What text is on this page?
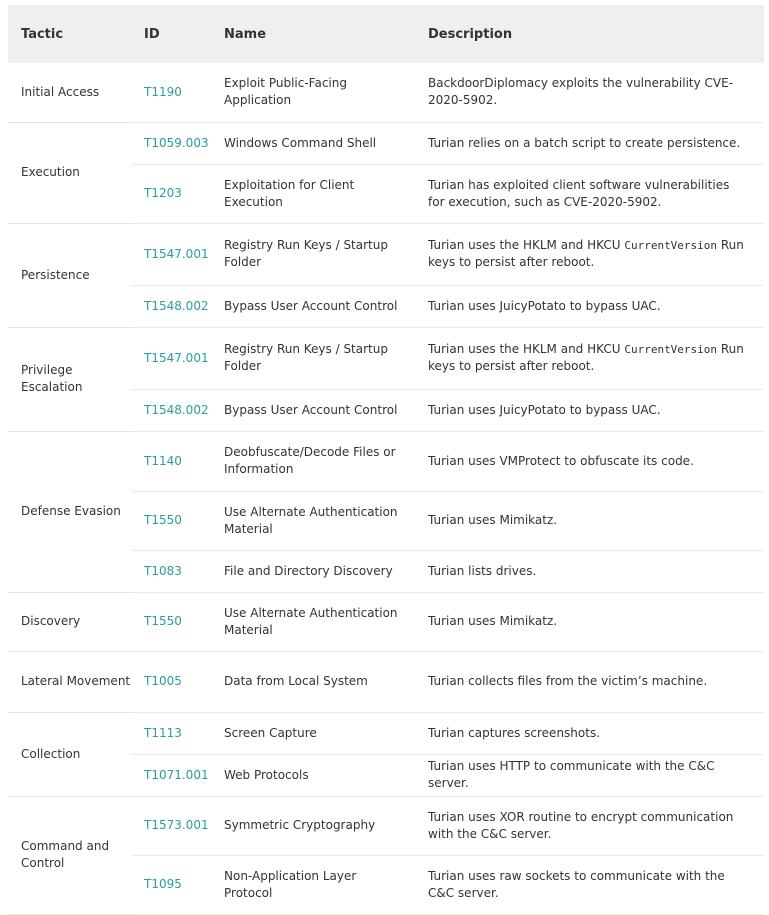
Tactic	ID	Name	Description
Initial Access	T1190	Exploit Public-Facing Application	BackdoorDiplomacy exploits the vulnerability CVE-2020-5902.
Execution	T1059.003	Windows Command Shell	Turian relies on a batch script to create persistence.
	T1203	Exploitation for Client Execution	Turian has exploited client software vulnerabilities for execution, such as CVE-2020-5902.
Persistence	T1547.001	Registry Run Keys / Startup Folder	Turian uses the HKLM and HKCU CurrentVersion Run keys to persist after reboot.
	T1548.002	Bypass User Account Control	Turian uses JuicyPotato to bypass UAC.
Privilege Escalation	T1547.001	Registry Run Keys / Startup Folder	Turian uses the HKLM and HKCU CurrentVersion Run keys to persist after reboot.
	T1548.002	Bypass User Account Control	Turian uses JuicyPotato to bypass UAC.
Defense Evasion	T1140	Deobfuscate/Decode Files or Information	Turian uses VMProtect to obfuscate its code.
	T1550	Use Alternate Authentication Material	Turian uses Mimikatz.
	T1083	File and Directory Discovery	Turian lists drives.
Discovery	T1550	Use Alternate Authentication Material	Turian uses Mimikatz.
Lateral Movement	T1005	Data from Local System	Turian collects files from the victim’s machine.
Collection	T1113	Screen Capture	Turian captures screenshots.
	T1071.001	Web Protocols	Turian uses HTTP to communicate with the C&C server.
Command and Control	T1573.001	Symmetric Cryptography	Turian uses XOR routine to encrypt communication with the C&C server.
	T1095	Non-Application Layer Protocol	Turian uses raw sockets to communicate with the C&C server.
